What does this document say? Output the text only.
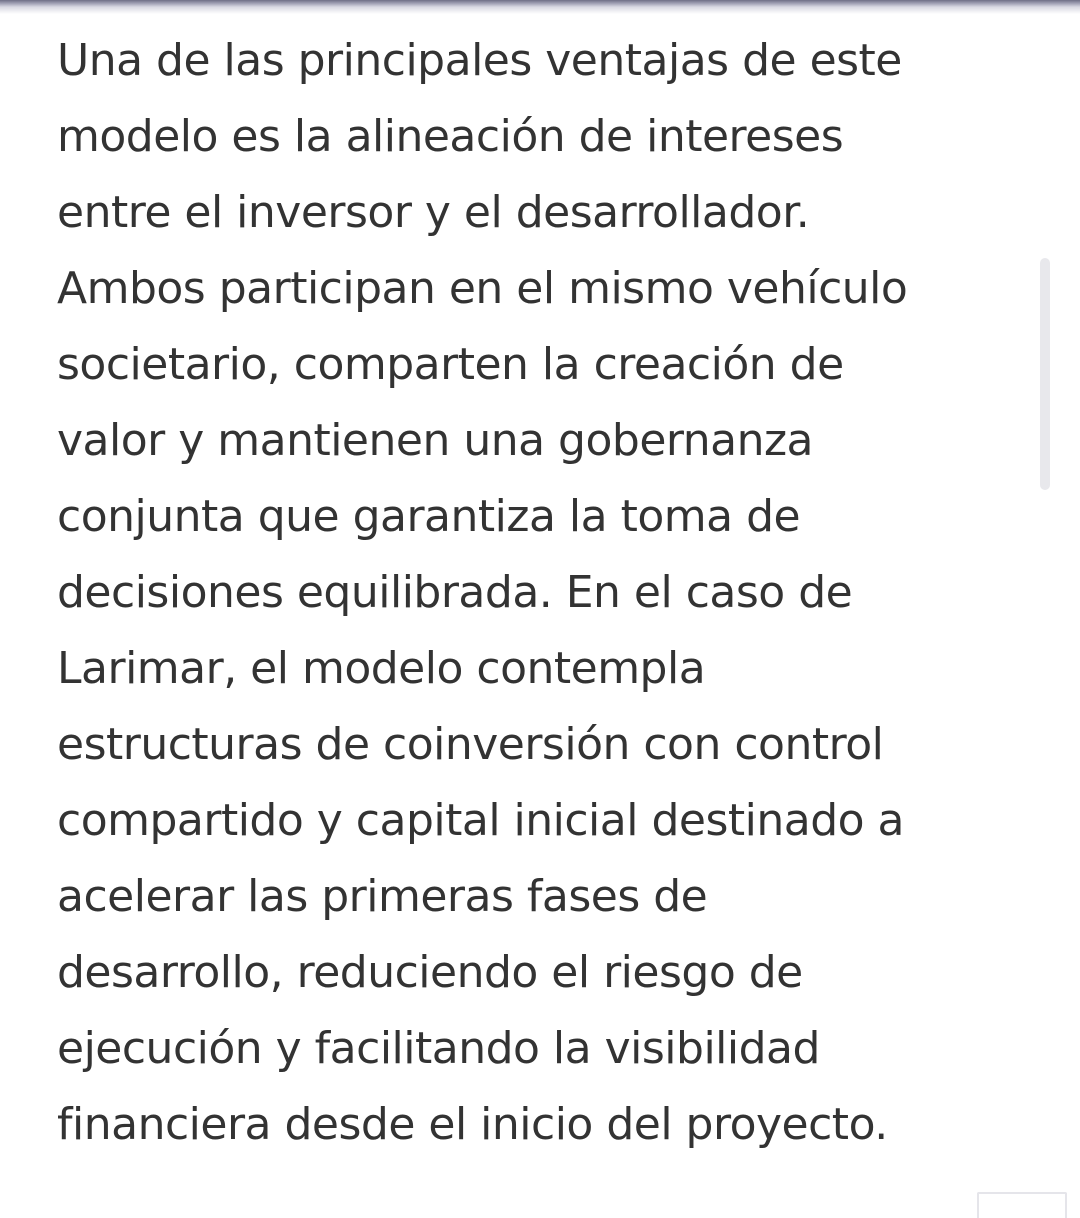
Una de las principales ventajas de este
modelo es la alineación de intereses
entre el inversor y el desarrollador.
Ambos participan en el mismo vehículo
societario, comparten la creación de
valor y mantienen una gobernanza
conjunta que garantiza la toma de
decisiones equilibrada. En el caso de
Larimar, el modelo contempla
estructuras de coinversión con control
compartido y capital inicial destinado a
acelerar las primeras fases de
desarrollo, reduciendo el riesgo de
ejecución y facilitando la visibilidad
financiera desde el inicio del proyecto.
